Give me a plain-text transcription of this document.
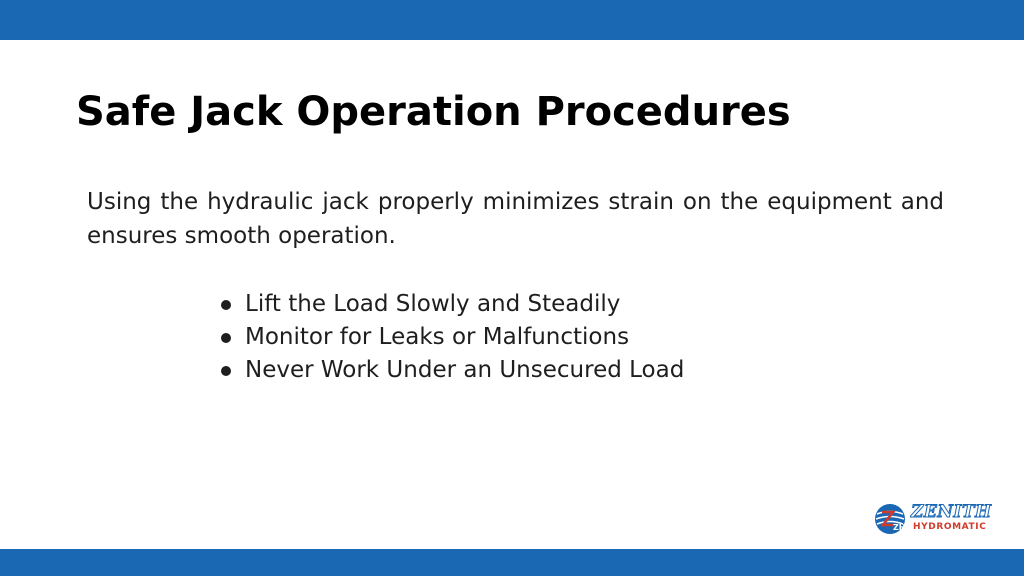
Safe Jack Operation Procedures

Using the hydraulic jack properly minimizes strain on the equipment and ensures smooth operation.

Lift the Load Slowly and Steadily
Monitor for Leaks or Malfunctions
Never Work Under an Unsecured Load
ZH
ZENITH
HYDROMATIC
